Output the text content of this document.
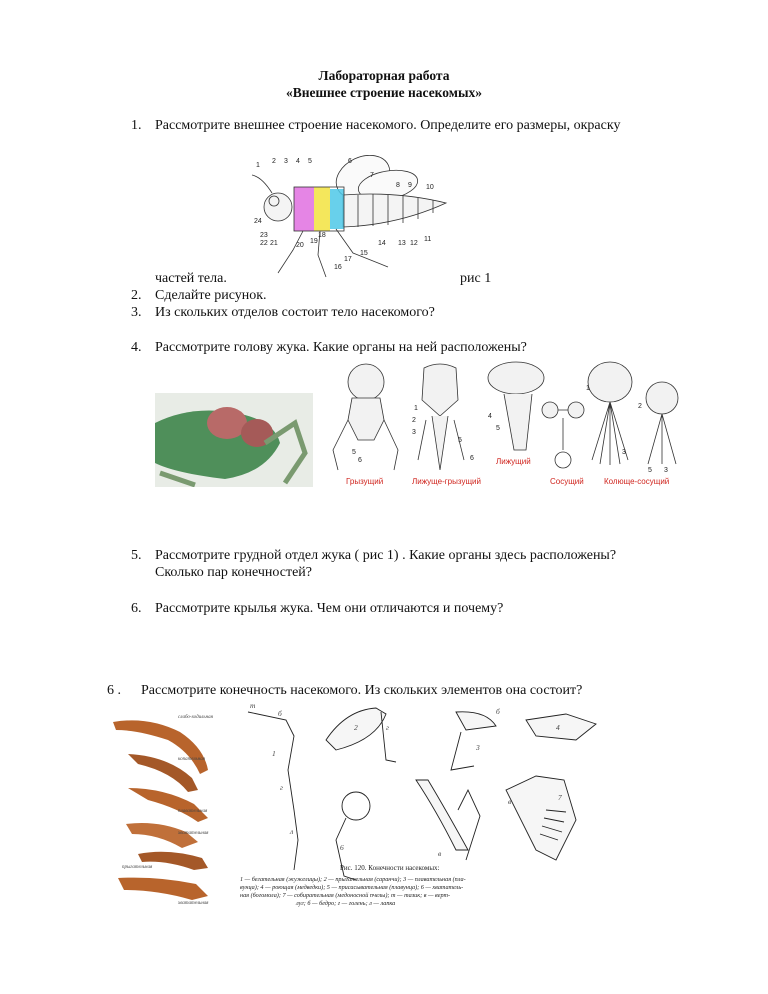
Лабораторная работа
«Внешнее строение насекомых»
1. Рассмотрите внешнее строение насекомого. Определите его размеры, окраску
1
2 3 4 5	6
7
8 9 10
24
23
22 21	20
19
18
17
16
15
14 13 12
11
частей тела.	рис 1
2. Сделайте рисунок.
3. Из скольких отделов состоит тело насекомого?
4. Рассмотрите голову жука. Какие органы на ней расположены?
5
6
1
2
3
5
6
4
5
1
2
3
5 3
Грызущий	Лижуще-грызущий
Лижущий
Сосущий	Колюще-сосущий
5. Рассмотрите грудной отдел жука ( рис 1) . Какие органы здесь расположены?
Сколько пар конечностей?
6. Рассмотрите крылья жука. Чем они отличаются и почему?
6 . Рассмотрите конечность насекомого. Из скольких элементов она состоит?
слабо-ходильная
копательная
плавательная
хватательная
прыгательная
хватательная
т
б
1
г
л
2	г
3
б
4
7
6
в
в
Рис. 120. Конечности насекомых:
1 — бегательная (жужелицы); 2 — прыгательная (саранчи); 3 — плавательная (пла-
вунца); 4 — роющая (медведки); 5 — присасывательная (плавунца); 6 — хвататель-
ная (богомола); 7 — собирательная (медоносной пчелы); т — тазик; в — верт-
луг; б — бедро; г — голень; л — лапка
